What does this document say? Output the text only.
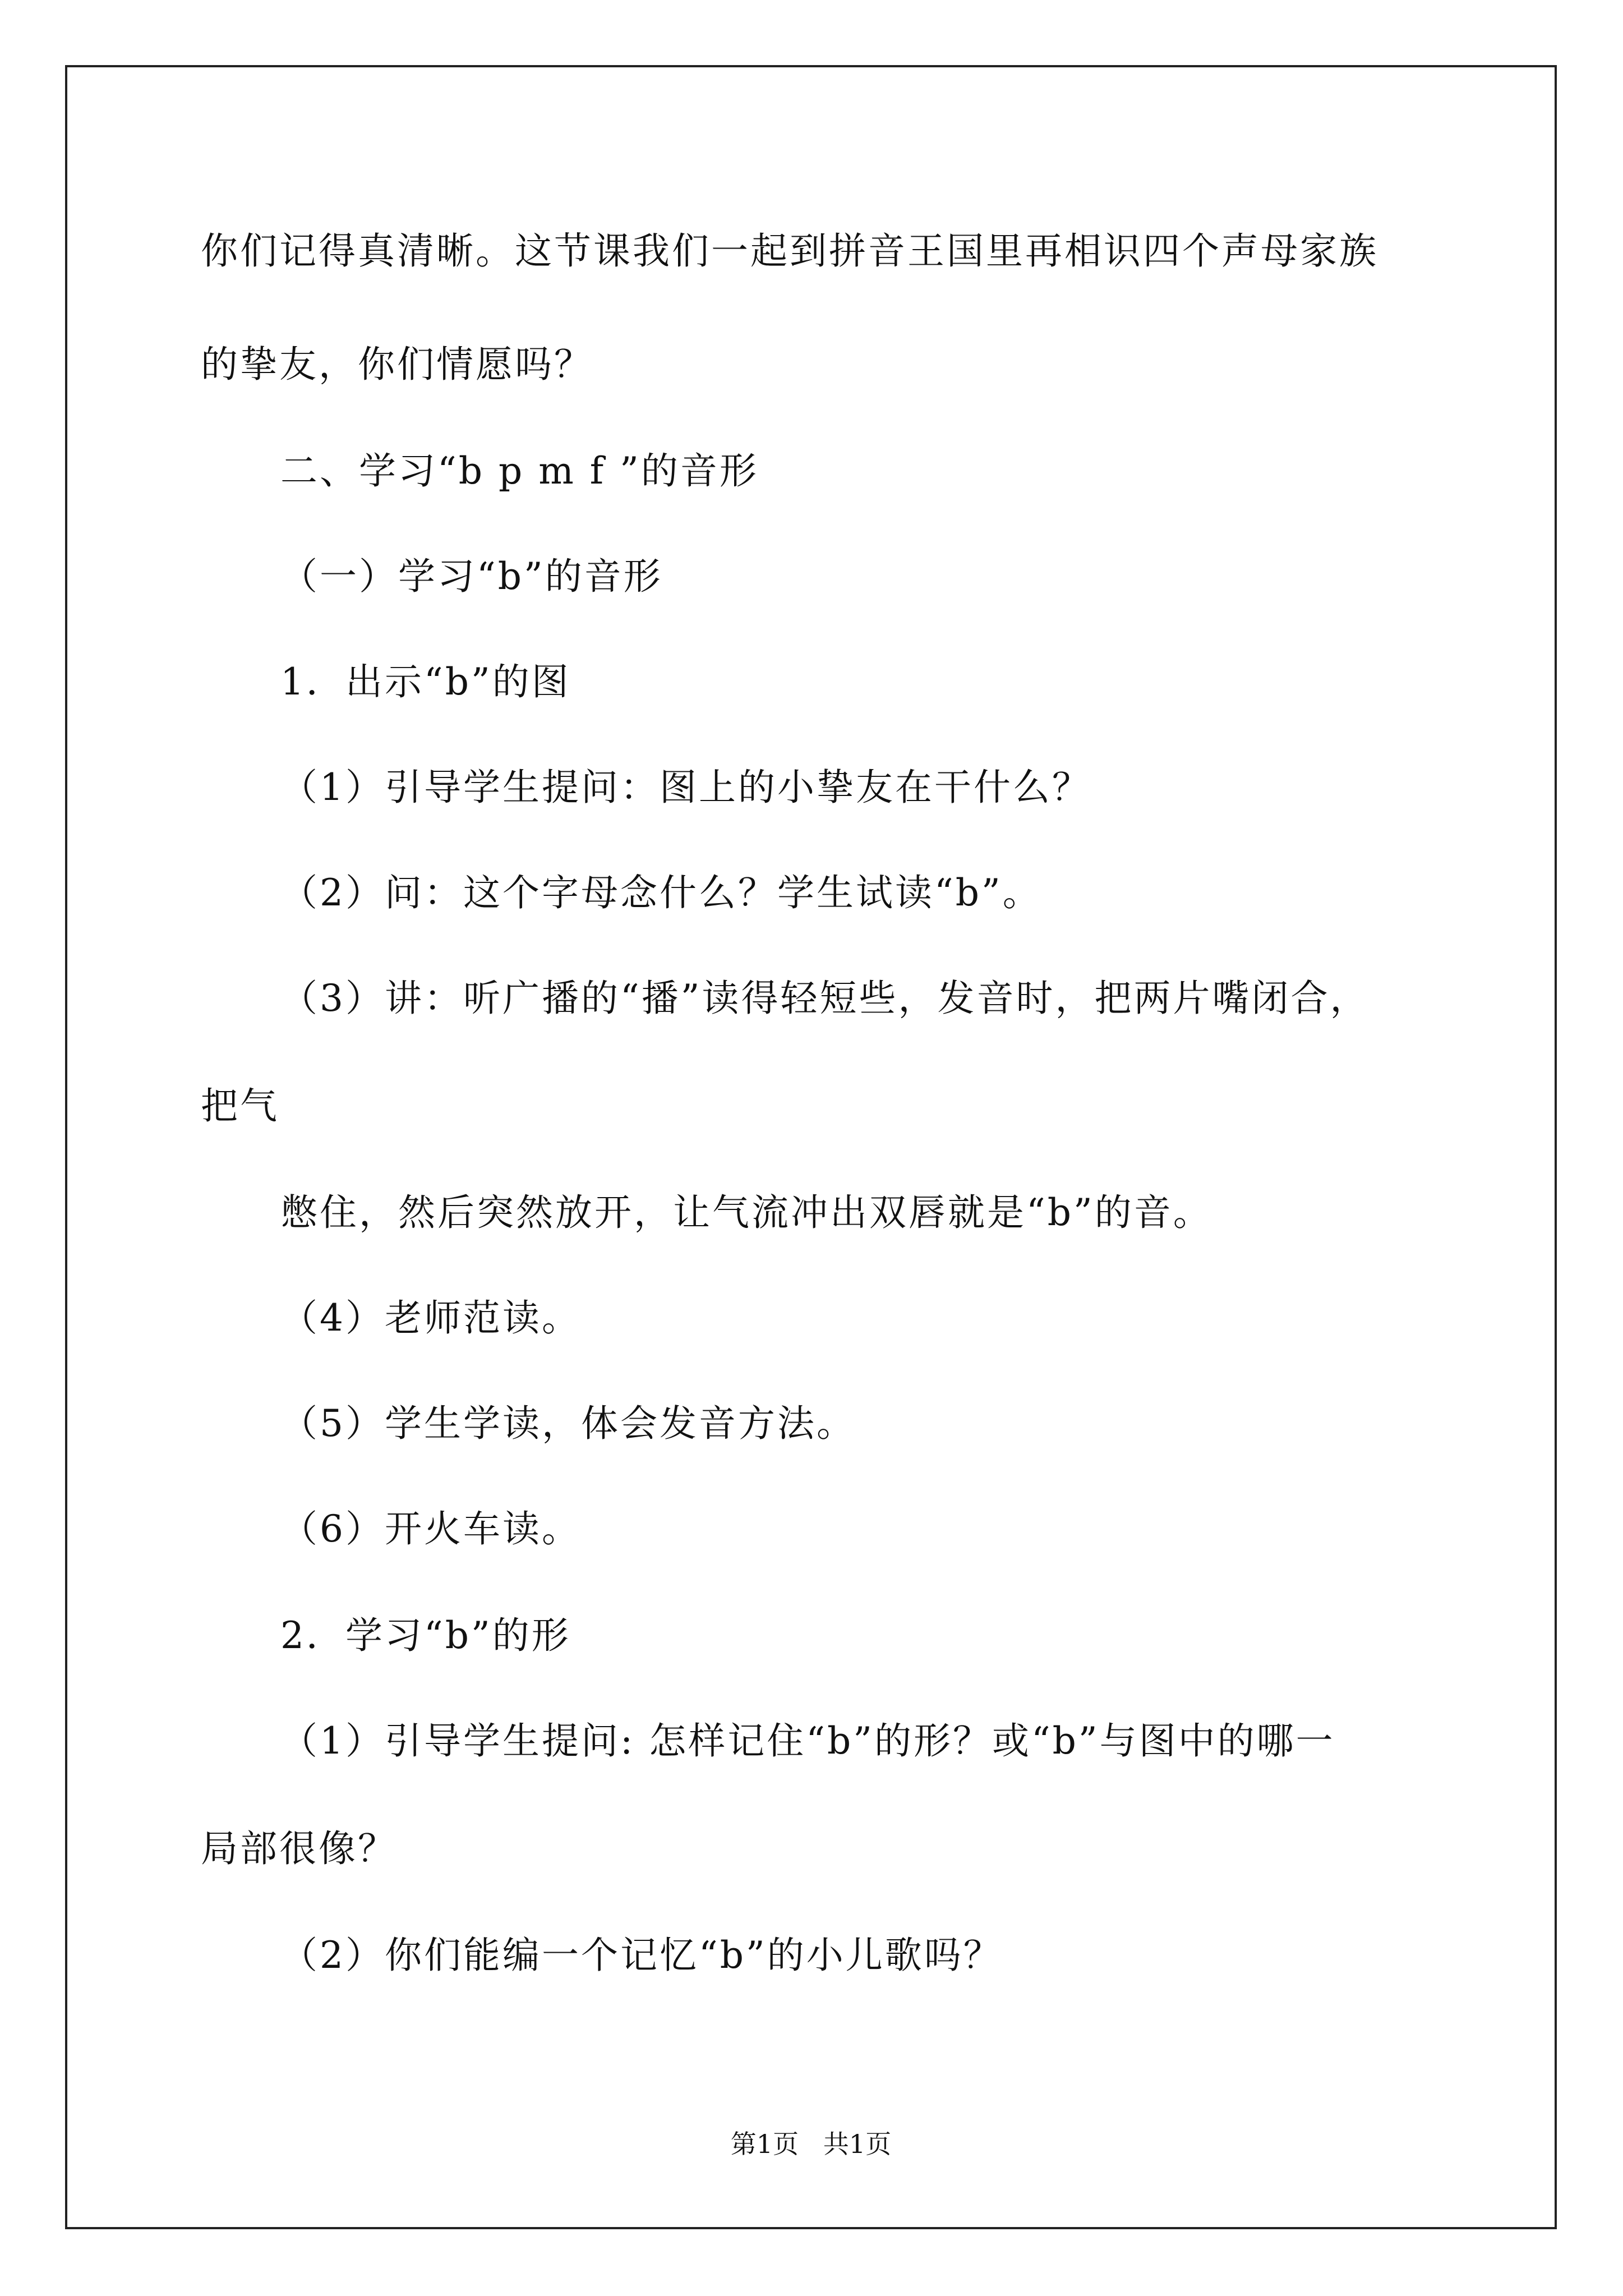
你们记得真清晰。这节课我们一起到拼音王国里再相识四个声母家族
的挚友，你们情愿吗？
二、学习“b p m f ”的音形
（一）学习“b”的音形
1．出示“b”的图
（1）引导学生提问：图上的小挚友在干什么？
（2）问：这个字母念什么？学生试读“b”。
（3）讲：听广播的“播”读得轻短些，发音时，把两片嘴闭合，
把气
憋住，然后突然放开，让气流冲出双唇就是“b”的音。
（4）老师范读。
（5）学生学读，体会发音方法。
（6）开火车读。
2．学习“b”的形
（1）引导学生提问: 怎样记住“b”的形？或“b”与图中的哪一
局部很像？
（2）你们能编一个记忆“b”的小儿歌吗？
第1页   共1页
